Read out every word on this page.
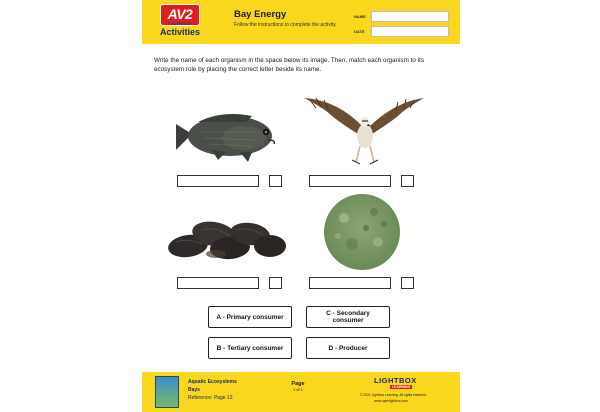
AV2
POWERED BY
Activities
Bay Energy
Follow the instructions to complete the activity.
NAME
DATE
Write the name of each organism in the space below its image. Then, match each organism to its ecosystem role by placing the correct letter beside its name.
A - Primary consumer	C - Secondary consumer
B - Tertiary consumer	D - Producer
Aquatic Ecosystems
Bays
Reference: Page 13
Page
1 of 1
LIGHTBOX
LEARNING
© 2021 Lightbox Learning. All rights reserved.
www.openlightbox.com
